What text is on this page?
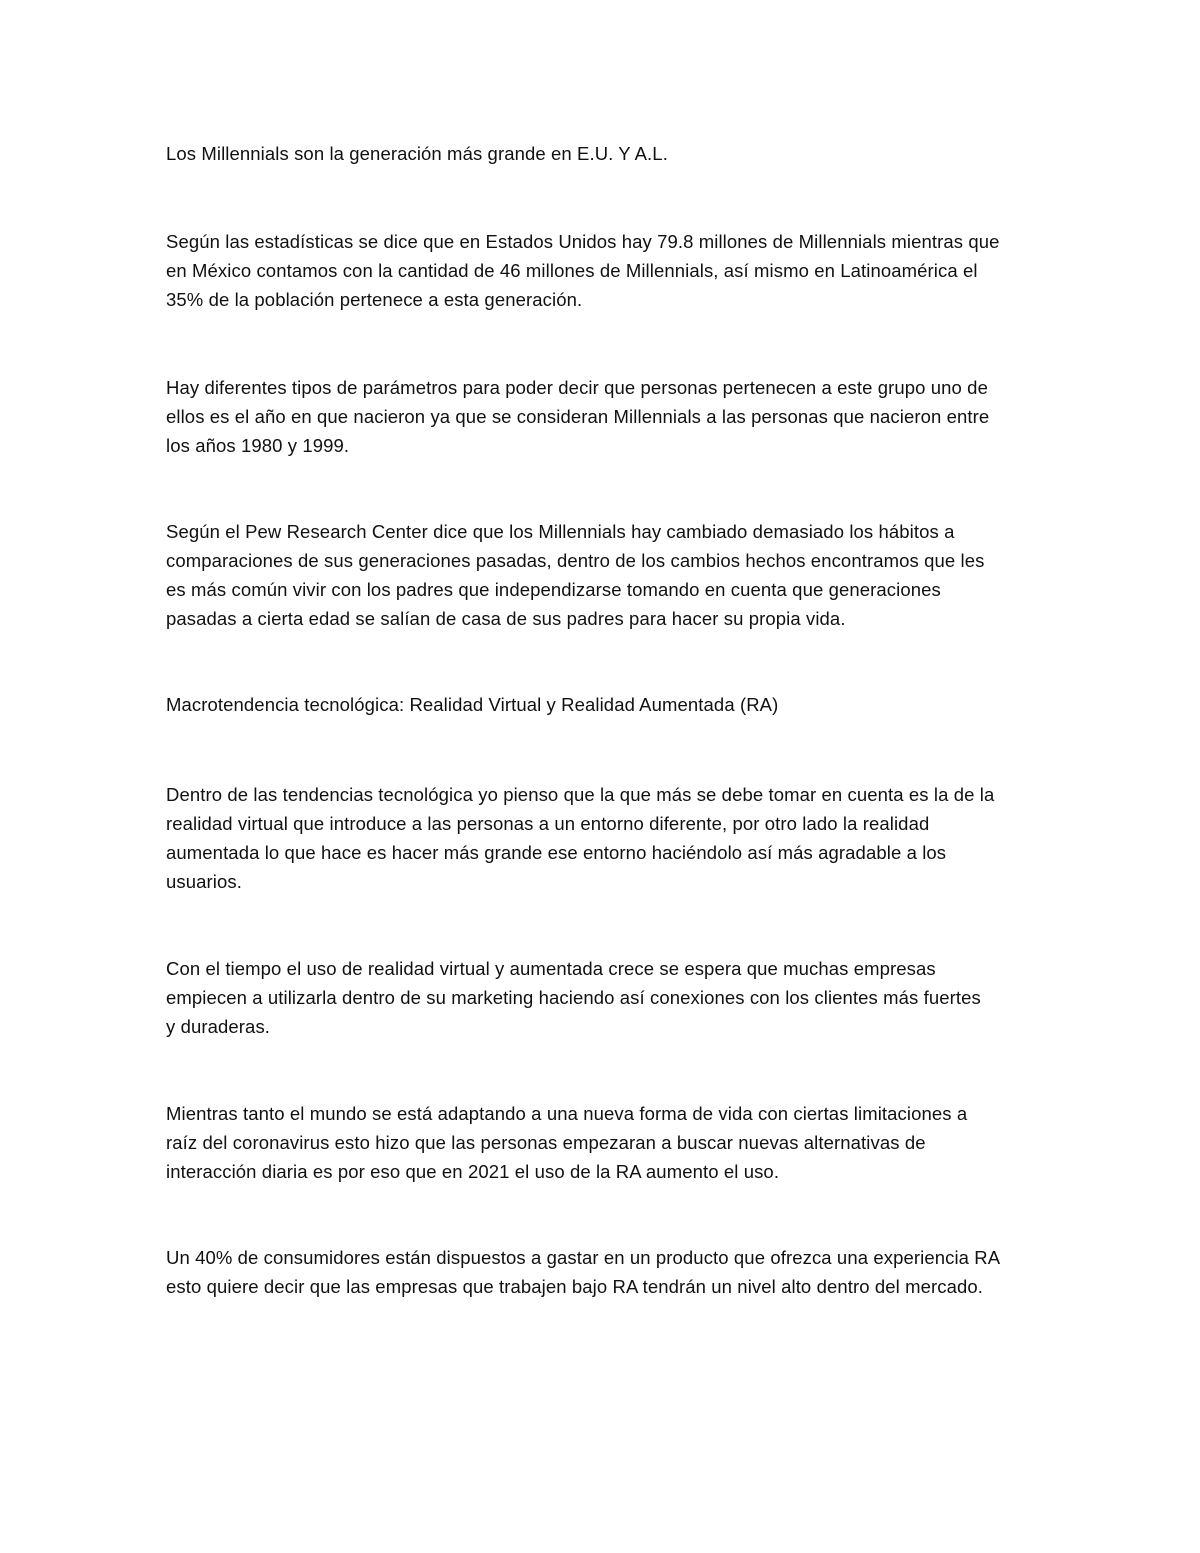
Los Millennials son la generación más grande en E.U. Y A.L.

Según las estadísticas se dice que en Estados Unidos hay 79.8 millones de Millennials mientras que
en México contamos con la cantidad de 46 millones de Millennials, así mismo en Latinoamérica el
35% de la población pertenece a esta generación.

Hay diferentes tipos de parámetros para poder decir que personas pertenecen a este grupo uno de
ellos es el año en que nacieron ya que se consideran Millennials a las personas que nacieron entre
los años 1980 y 1999.

Según el Pew Research Center dice que los Millennials hay cambiado demasiado los hábitos a
comparaciones de sus generaciones pasadas, dentro de los cambios hechos encontramos que les
es más común vivir con los padres que independizarse tomando en cuenta que generaciones
pasadas a cierta edad se salían de casa de sus padres para hacer su propia vida.

Macrotendencia tecnológica: Realidad Virtual y Realidad Aumentada (RA)

Dentro de las tendencias tecnológica yo pienso que la que más se debe tomar en cuenta es la de la
realidad virtual que introduce a las personas a un entorno diferente, por otro lado la realidad
aumentada lo que hace es hacer más grande ese entorno haciéndolo así más agradable a los
usuarios.

Con el tiempo el uso de realidad virtual y aumentada crece se espera que muchas empresas
empiecen a utilizarla dentro de su marketing haciendo así conexiones con los clientes más fuertes
y duraderas.

Mientras tanto el mundo se está adaptando a una nueva forma de vida con ciertas limitaciones a
raíz del coronavirus esto hizo que las personas empezaran a buscar nuevas alternativas de
interacción diaria es por eso que en 2021 el uso de la RA aumento el uso.

Un 40% de consumidores están dispuestos a gastar en un producto que ofrezca una experiencia RA
esto quiere decir que las empresas que trabajen bajo RA tendrán un nivel alto dentro del mercado.
